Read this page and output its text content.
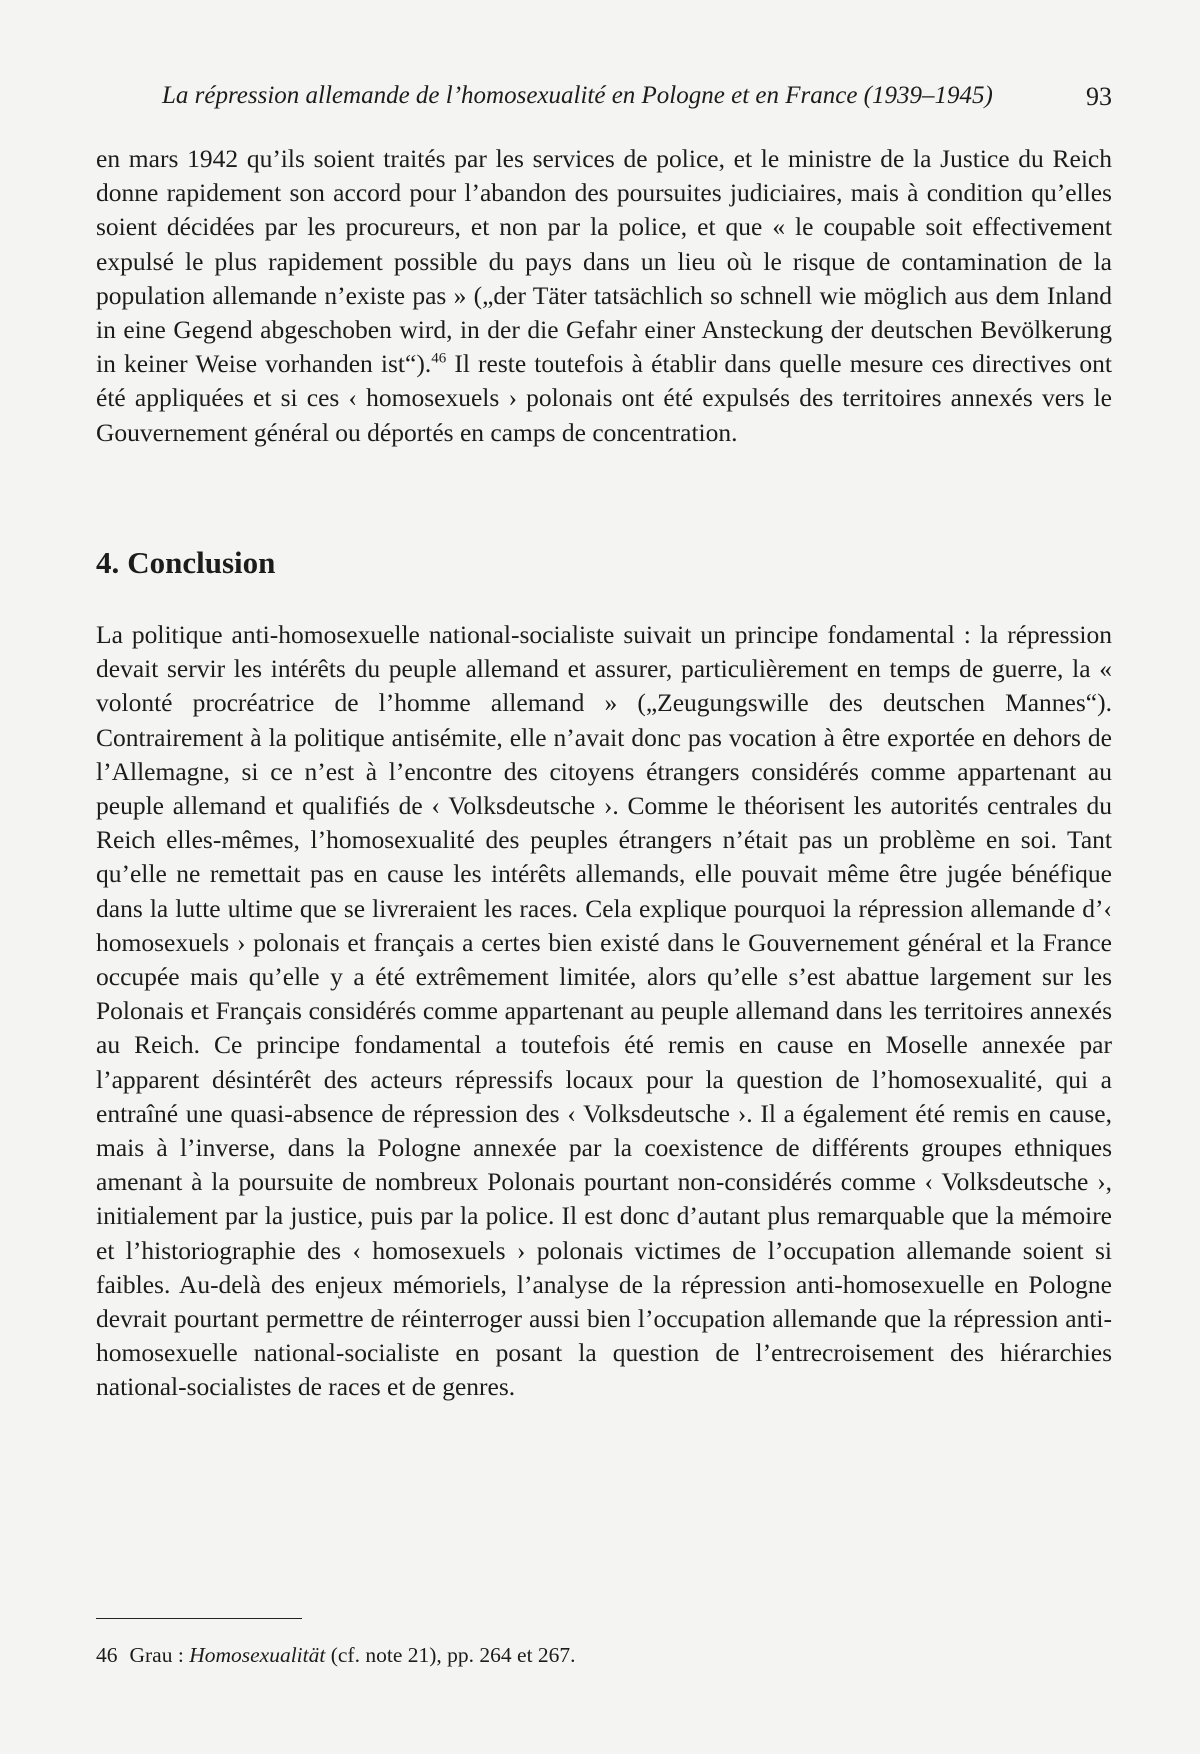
La répression allemande de l’homosexualité en Pologne et en France (1939–1945)	93

en mars 1942 qu’ils soient traités par les services de police, et le ministre de la Justice du Reich donne rapidement son accord pour l’abandon des poursuites judiciaires, mais à condition qu’elles soient décidées par les procureurs, et non par la police, et que « le coupable soit effectivement expulsé le plus rapidement possible du pays dans un lieu où le risque de contamination de la population allemande n’existe pas » („der Täter tatsächlich so schnell wie möglich aus dem Inland in eine Gegend abgeschoben wird, in der die Gefahr einer Ansteckung der deutschen Bevölkerung in keiner Weise vorhanden ist“).$^{46}$ Il reste toutefois à établir dans quelle mesure ces directives ont été appliquées et si ces ‹ homosexuels › polonais ont été expulsés des territoires annexés vers le Gouvernement général ou déportés en camps de concentration.

4. Conclusion

La politique anti-homosexuelle national-socialiste suivait un principe fondamental : la répression devait servir les intérêts du peuple allemand et assurer, particulièrement en temps de guerre, la « volonté procréatrice de l’homme allemand » („Zeugungswille des deutschen Mannes“). Contrairement à la politique antisémite, elle n’avait donc pas vocation à être exportée en dehors de l’Allemagne, si ce n’est à l’encontre des citoyens étrangers considérés comme appartenant au peuple allemand et qualifiés de ‹ Volksdeutsche ›. Comme le théorisent les autorités centrales du Reich elles-mêmes, l’homosexualité des peuples étrangers n’était pas un problème en soi. Tant qu’elle ne remettait pas en cause les intérêts allemands, elle pouvait même être jugée bénéfique dans la lutte ultime que se livreraient les races. Cela explique pourquoi la répression allemande d’‹ homosexuels › polonais et français a certes bien existé dans le Gouvernement général et la France occupée mais qu’elle y a été extrêmement limitée, alors qu’elle s’est abattue largement sur les Polonais et Français considérés comme appartenant au peuple allemand dans les territoires annexés au Reich. Ce principe fondamental a toutefois été remis en cause en Moselle annexée par l’apparent désintérêt des acteurs répressifs locaux pour la question de l’homosexualité, qui a entraîné une quasi-absence de répression des ‹ Volksdeutsche ›. Il a également été remis en cause, mais à l’inverse, dans la Pologne annexée par la coexistence de différents groupes ethniques amenant à la poursuite de nombreux Polonais pourtant non-considérés comme ‹ Volksdeutsche ›, initialement par la justice, puis par la police. Il est donc d’autant plus remarquable que la mémoire et l’historiographie des ‹ homosexuels › polonais victimes de l’occupation allemande soient si faibles. Au-delà des enjeux mémoriels, l’analyse de la répression anti-homosexuelle en Pologne devrait pourtant permettre de réinterroger aussi bien l’occupation allemande que la répression anti-homosexuelle national-socialiste en posant la question de l’entrecroisement des hiérarchies national-socialistes de races et de genres.

46 Grau : Homosexualität (cf. note 21), pp. 264 et 267.
